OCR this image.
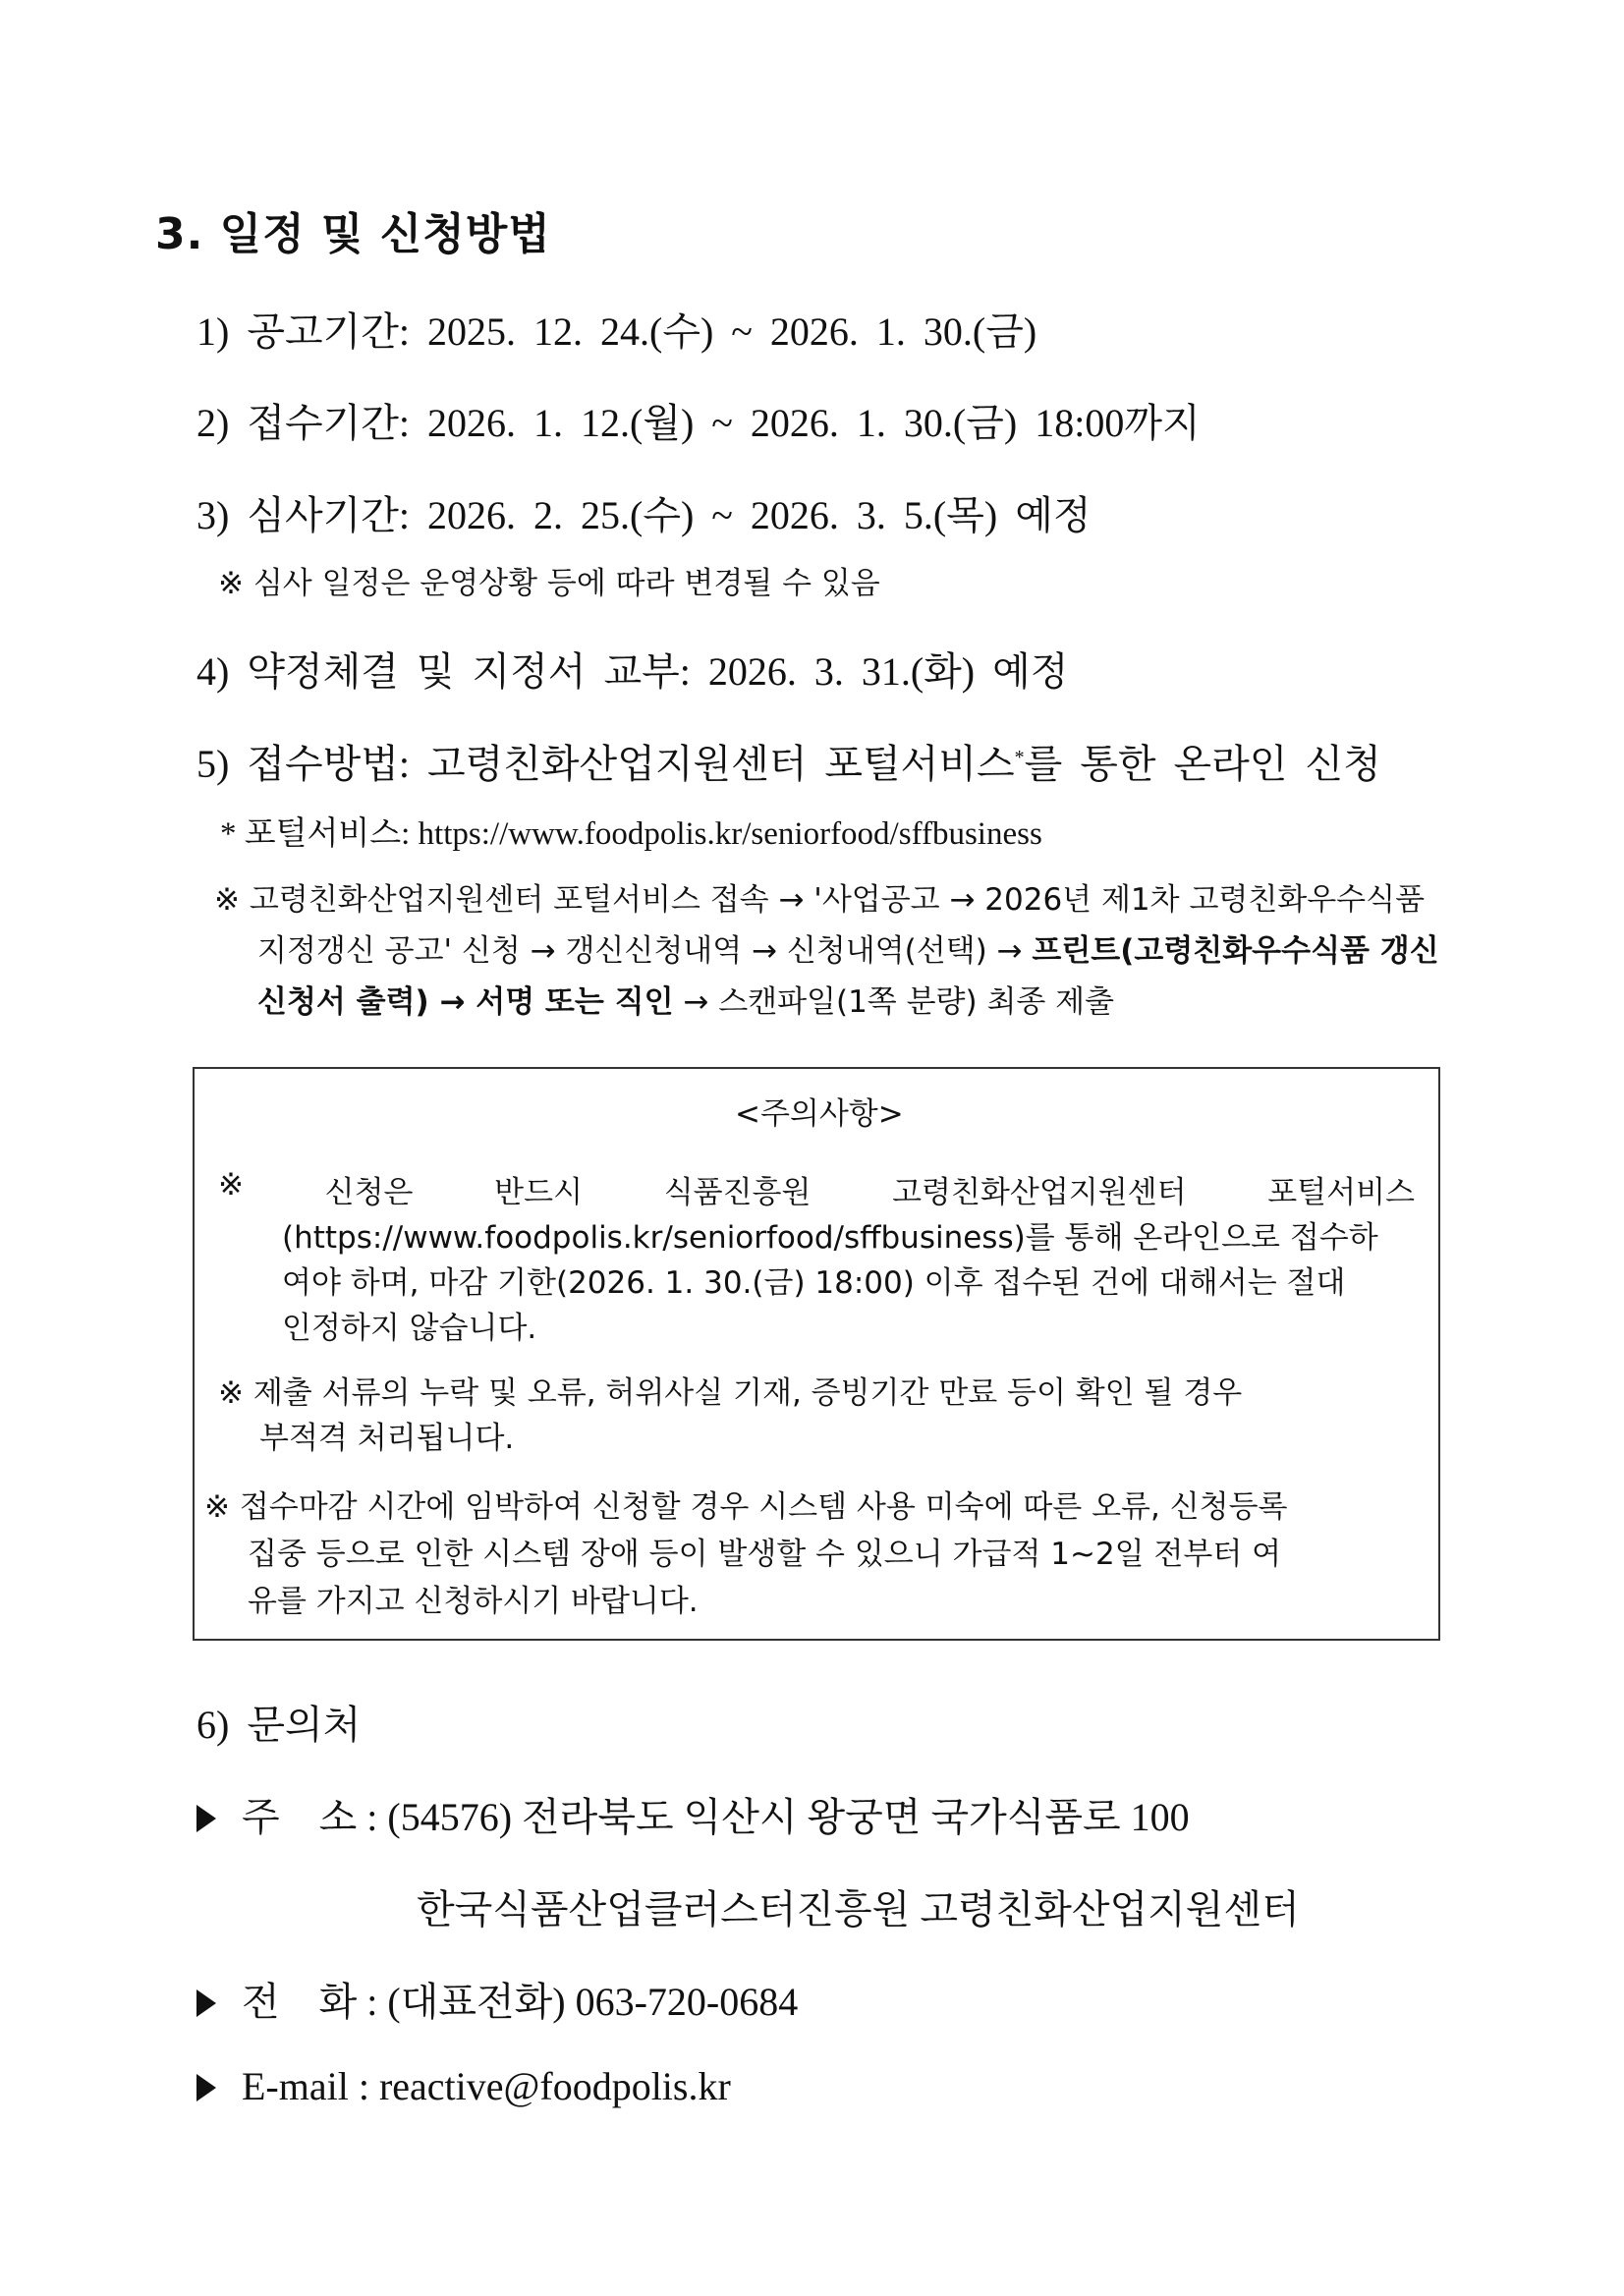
3. 일정 및 신청방법
1) 공고기간: 2025. 12. 24.(수) ~ 2026. 1. 30.(금)
2) 접수기간: 2026. 1. 12.(월) ~ 2026. 1. 30.(금) 18:00까지
3) 심사기간: 2026. 2. 25.(수) ~ 2026. 3. 5.(목) 예정
※ 심사 일정은 운영상황 등에 따라 변경될 수 있음
4) 약정체결 및 지정서 교부: 2026. 3. 31.(화) 예정
5) 접수방법: 고령친화산업지원센터 포털서비스*를 통한 온라인 신청
* 포털서비스: https://www.foodpolis.kr/seniorfood/sffbusiness
※ 고령친화산업지원센터 포털서비스 접속 → '사업공고 → 2026년 제1차 고령친화우수식품
지정갱신 공고' 신청 → 갱신신청내역 → 신청내역(선택) → 프린트(고령친화우수식품 갱신
신청서 출력) → 서명 또는 직인 → 스캔파일(1쪽 분량) 최종 제출
<주의사항>
※	신청은	반드시	식품진흥원	고령친화산업지원센터	포털서비스
(https://www.foodpolis.kr/seniorfood/sffbusiness)를 통해 온라인으로 접수하
여야 하며, 마감 기한(2026. 1. 30.(금) 18:00) 이후 접수된 건에 대해서는 절대
인정하지 않습니다.
※ 제출 서류의 누락 및 오류, 허위사실 기재, 증빙기간 만료 등이 확인 될 경우
부적격 처리됩니다.
※ 접수마감 시간에 임박하여 신청할 경우 시스템 사용 미숙에 따른 오류, 신청등록
집중 등으로 인한 시스템 장애 등이 발생할 수 있으니 가급적 1~2일 전부터 여
유를 가지고 신청하시기 바랍니다.
6) 문의처
주　소 : (54576) 전라북도 익산시 왕궁면 국가식품로 100
한국식품산업클러스터진흥원 고령친화산업지원센터
전　화 : (대표전화) 063-720-0684
E-mail : reactive@foodpolis.kr
